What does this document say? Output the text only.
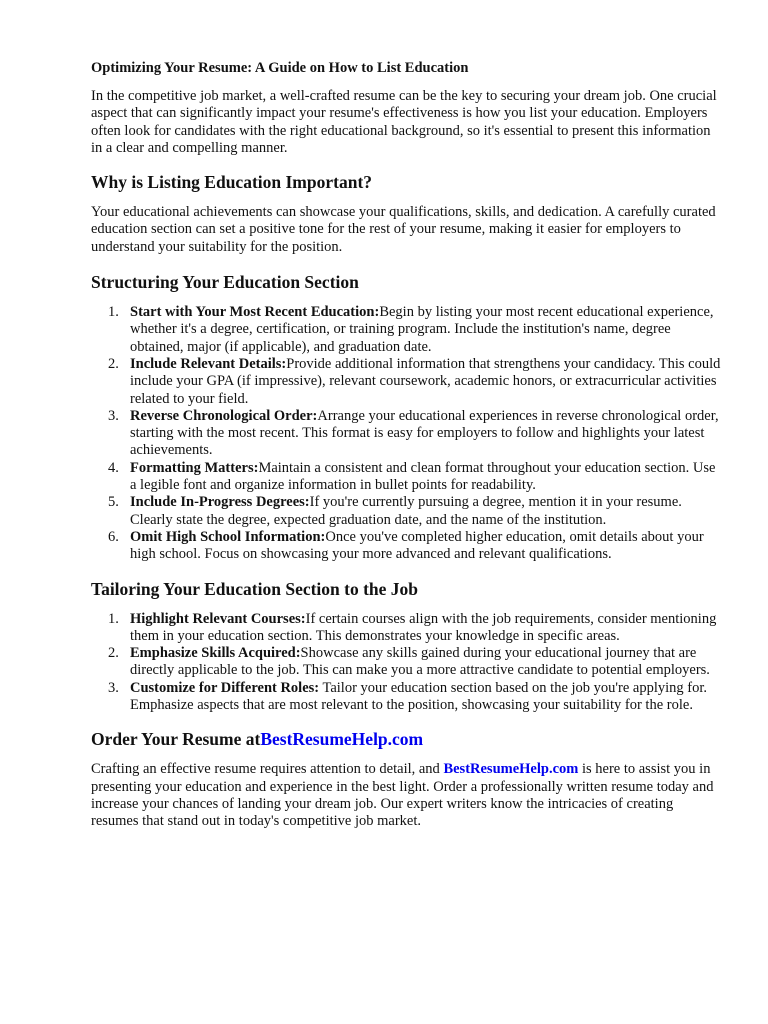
Optimizing Your Resume: A Guide on How to List Education

In the competitive job market, a well-crafted resume can be the key to securing your dream job. One crucial aspect that can significantly impact your resume's effectiveness is how you list your education. Employers often look for candidates with the right educational background, so it's essential to present this information in a clear and compelling manner.

Why is Listing Education Important?

Your educational achievements can showcase your qualifications, skills, and dedication. A carefully curated education section can set a positive tone for the rest of your resume, making it easier for employers to understand your suitability for the position.

Structuring Your Education Section
1. Start with Your Most Recent Education:Begin by listing your most recent educational experience, whether it's a degree, certification, or training program. Include the institution's name, degree obtained, major (if applicable), and graduation date.
2. Include Relevant Details:Provide additional information that strengthens your candidacy. This could include your GPA (if impressive), relevant coursework, academic honors, or extracurricular activities related to your field.
3. Reverse Chronological Order:Arrange your educational experiences in reverse chronological order, starting with the most recent. This format is easy for employers to follow and highlights your latest achievements.
4. Formatting Matters:Maintain a consistent and clean format throughout your education section. Use a legible font and organize information in bullet points for readability.
5. Include In-Progress Degrees:If you're currently pursuing a degree, mention it in your resume. Clearly state the degree, expected graduation date, and the name of the institution.
6. Omit High School Information:Once you've completed higher education, omit details about your high school. Focus on showcasing your more advanced and relevant qualifications.
Tailoring Your Education Section to the Job
1. Highlight Relevant Courses:If certain courses align with the job requirements, consider mentioning them in your education section. This demonstrates your knowledge in specific areas.
2. Emphasize Skills Acquired:Showcase any skills gained during your educational journey that are directly applicable to the job. This can make you a more attractive candidate to potential employers.
3. Customize for Different Roles: Tailor your education section based on the job you're applying for. Emphasize aspects that are most relevant to the position, showcasing your suitability for the role.
Order Your Resume atBestResumeHelp.com

Crafting an effective resume requires attention to detail, and BestResumeHelp.com is here to assist you in presenting your education and experience in the best light. Order a professionally written resume today and increase your chances of landing your dream job. Our expert writers know the intricacies of creating resumes that stand out in today's competitive job market.
